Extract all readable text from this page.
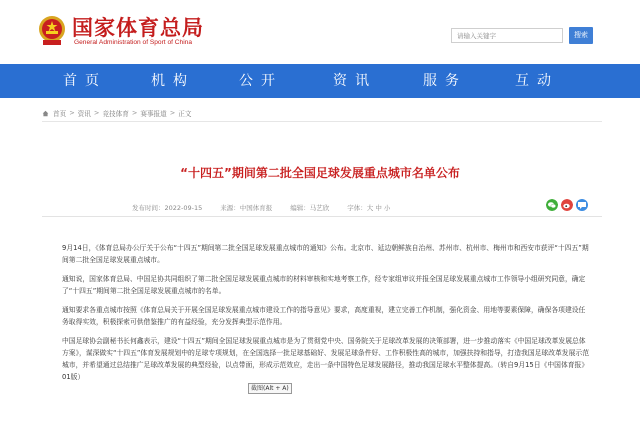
国家体育总局
General Administration of Sport of China
请输入关键字	搜索
首页	机构	公开	资讯	服务	互动
首页 > 资讯 > 竞技体育 > 赛事报道 > 正文
“十四五”期间第二批全国足球发展重点城市名单公布
发布时间：2022-09-15	来源：中国体育报	编辑：马艺欣	字体：大 中 小

9月14日，《体育总局办公厅关于公布“十四五”期间第二批全国足球发展重点城市的通知》公布。北京市、延边朝鲜族自治州、苏州市、杭州市、梅州市和西安市获评“十四五”期间第二批全国足球发展重点城市。

通知说，国家体育总局、中国足协共同组织了第二批全国足球发展重点城市的材料审核和实地考察工作，经专家组审议并报全国足球发展重点城市工作领导小组研究同意，确定了“十四五”期间第二批全国足球发展重点城市的名单。

通知要求各重点城市按照《体育总局关于开展全国足球发展重点城市建设工作的指导意见》要求，高度重视，建立完善工作机制，强化资金、用地等要素保障，确保各项建设任务取得实效，积极探索可供借鉴推广的有益经验，充分发挥典型示范作用。

中国足球协会副秘书长何鑫表示，建设“十四五”期间全国足球发展重点城市是为了贯彻党中央、国务院关于足球改革发展的决策部署，进一步推动落实《中国足球改革发展总体方案》，谋深做实“十四五”体育发展规划中的足球专项规划，在全国选择一批足球基础好、发展足球条件好、工作积极性高的城市，加强扶持和指导，打造我国足球改革发展示范城市，并希望通过总结推广足球改革发展的典型经验，以点带面，形成示范效应，走出一条中国特色足球发展路径，推动我国足球水平整体提高。（转自9月15日《中国体育报》01版）

截图(Alt + A)
